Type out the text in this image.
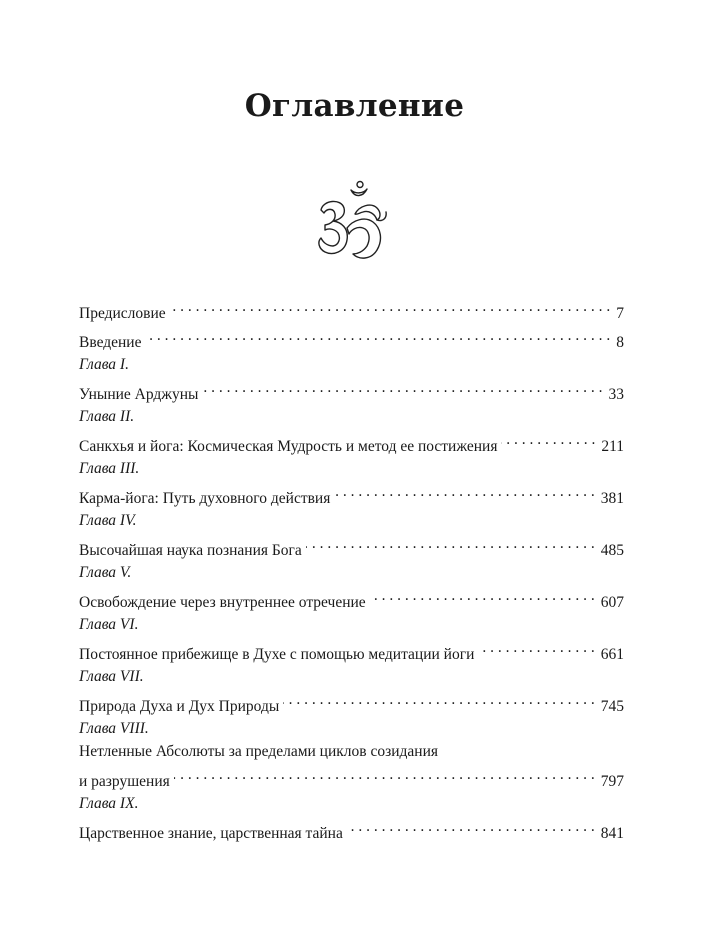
Оглавление
Предисловие . . .	7
Введение . . .	8
Глава I.
Уныние Арджуны . . .	33
Глава II.
Санкхья и йога: Космическая Мудрость и метод ее постижения . . .	211
Глава III.
Карма-йога: Путь духовного действия . . .	381
Глава IV.
Высочайшая наука познания Бога . . .	485
Глава V.
Освобождение через внутреннее отречение . . .	607
Глава VI.
Постоянное прибежище в Духе с помощью медитации йоги . . .	661
Глава VII.
Природа Духа и Дух Природы . . .	745
Глава VIII.
Нетленные Абсолюты за пределами циклов созидания
и разрушения . . .	797
Глава IX.
Царственное знание, царственная тайна . . .	841
